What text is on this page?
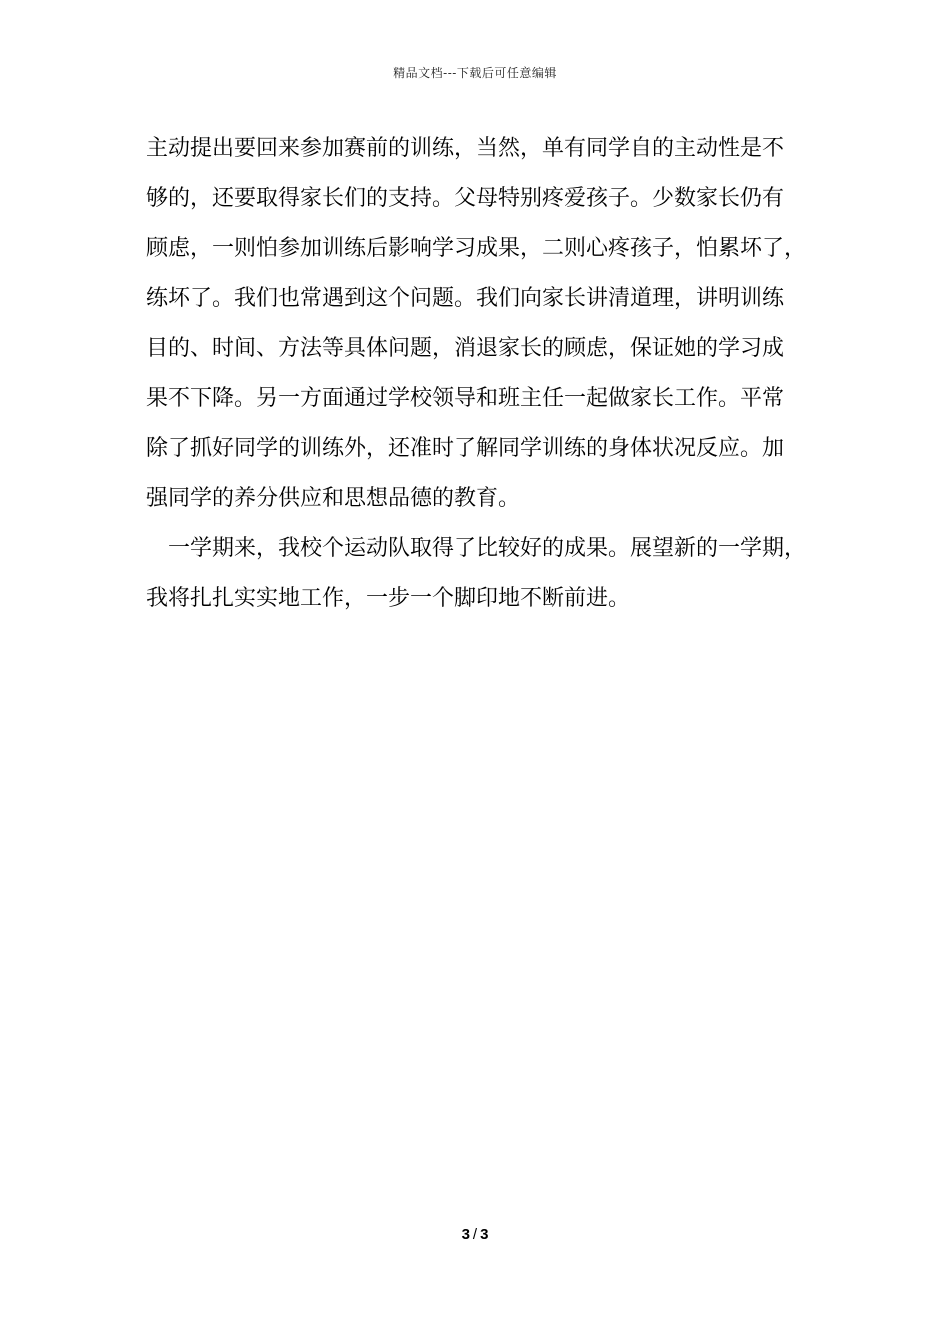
精品文档---下载后可任意编辑
主动提出要回来参加赛前的训练，当然，单有同学自的主动性是不
够的，还要取得家长们的支持。父母特别疼爱孩子。少数家长仍有
顾虑，一则怕参加训练后影响学习成果，二则心疼孩子，怕累坏了，
练坏了。我们也常遇到这个问题。我们向家长讲清道理，讲明训练
目的、时间、方法等具体问题，消退家长的顾虑，保证她的学习成
果不下降。另一方面通过学校领导和班主任一起做家长工作。平常
除了抓好同学的训练外，还准时了解同学训练的身体状况反应。加
强同学的养分供应和思想品德的教育。
一学期来，我校个运动队取得了比较好的成果。展望新的一学期，
我将扎扎实实地工作，一步一个脚印地不断前进。
3 / 3
